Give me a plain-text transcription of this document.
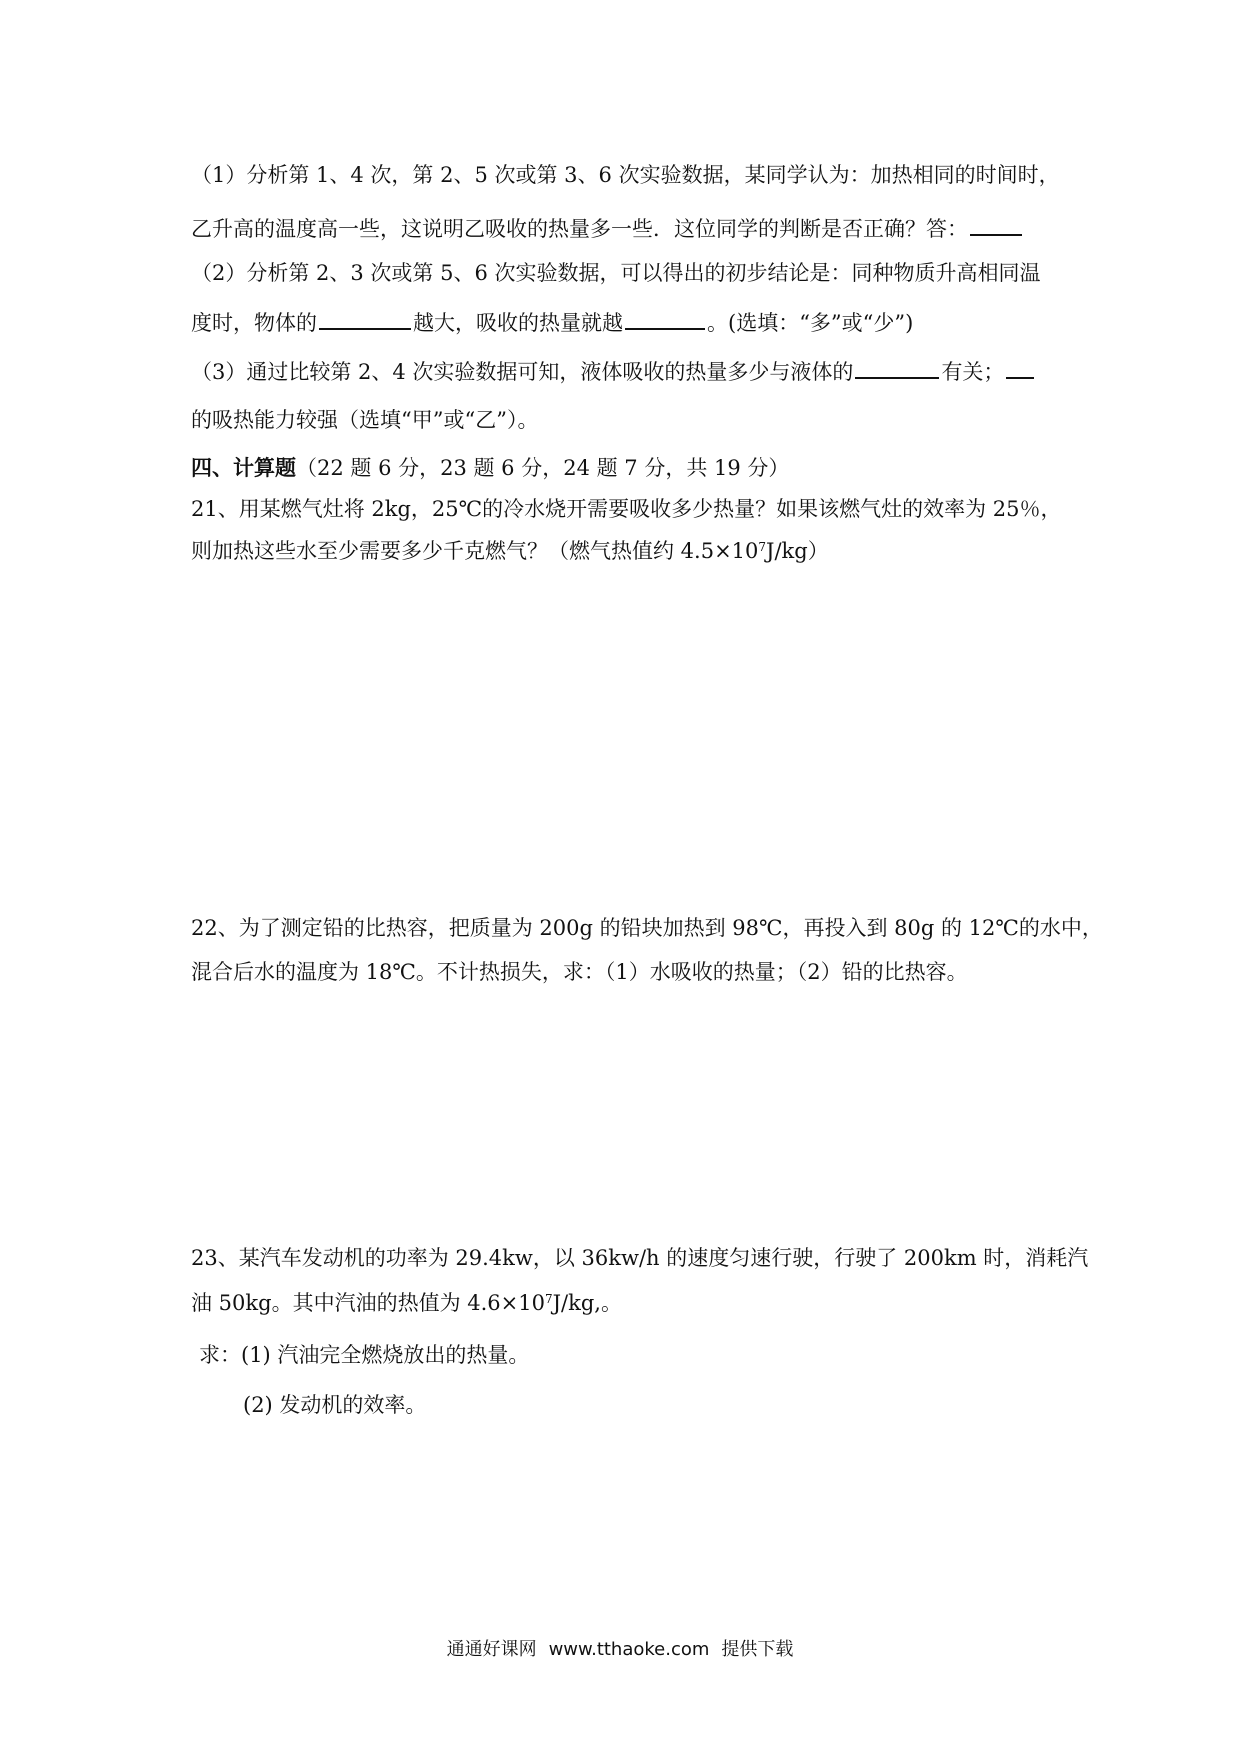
（1）分析第 1、4 次，第 2、5 次或第 3、6 次实验数据，某同学认为：加热相同的时间时，
乙升高的温度高一些，这说明乙吸收的热量多一些．这位同学的判断是否正确？答：
（2）分析第 2、3 次或第 5、6 次实验数据，可以得出的初步结论是：同种物质升高相同温
度时，物体的	越大，吸收的热量就越	。(选填：“多”或“少”)
（3）通过比较第 2、4 次实验数据可知，液体吸收的热量多少与液体的	有关；
的吸热能力较强（选填“甲”或“乙”）。
四、计算题（22 题 6 分，23 题 6 分，24 题 7 分，共 19 分）
21、用某燃气灶将 2kg，25℃的冷水烧开需要吸收多少热量？如果该燃气灶的效率为 25％，
则加热这些水至少需要多少千克燃气？（燃气热值约 $4.5\times 10^7J/kg$）
22、为了测定铅的比热容，把质量为 200g 的铅块加热到 98℃，再投入到 80g 的 12℃的水中，
混合后水的温度为 18℃。不计热损失，求：（1）水吸收的热量；（2）铅的比热容。
23、某汽车发动机的功率为 29.4kw，以 36kw/h 的速度匀速行驶，行驶了 200km 时，消耗汽
油 50kg。其中汽油的热值为 $4.6\times 10^7J/kg$,。
求：(1) 汽油完全燃烧放出的热量。
(2) 发动机的效率。
通通好课网 www.tthaoke.com 提供下载
